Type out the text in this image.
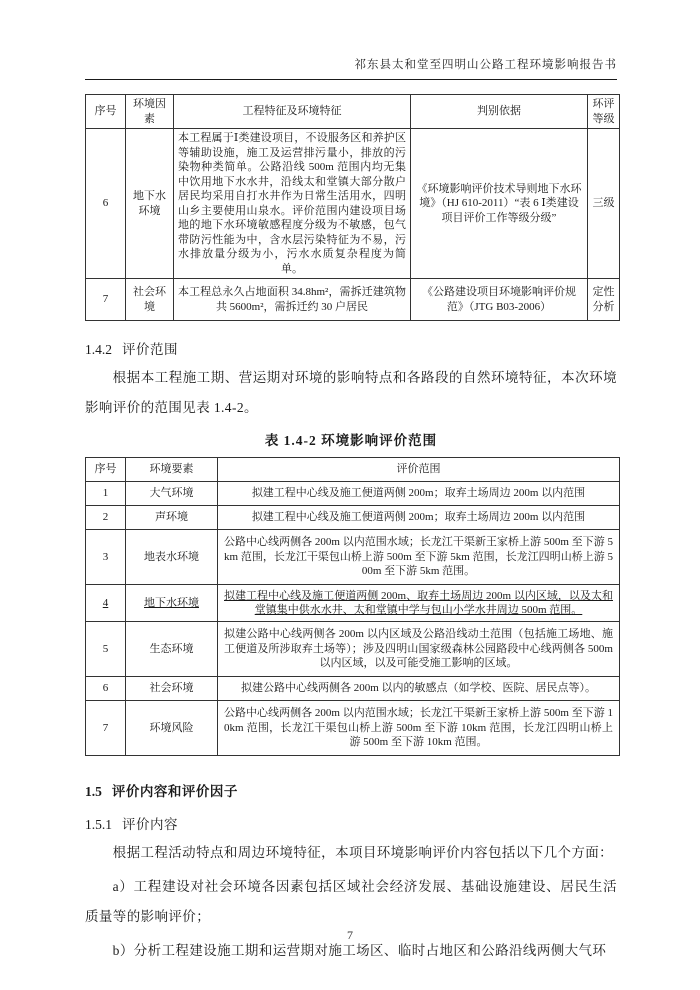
祁东县太和堂至四明山公路工程环境影响报告书
序号	环境因素	工程特征及环境特征	判别依据	环评等级
6	地下水环境	本工程属于Ⅰ类建设项目，不设服务区和养护区等辅助设施，施工及运营排污量小，排放的污染物种类简单。公路沿线 500m 范围内均无集中饮用地下水水井，沿线太和堂镇大部分散户居民均采用自打水井作为日常生活用水，四明山乡主要使用山泉水。评价范围内建设项目场地的地下水环境敏感程度分级为不敏感，包气带防污性能为中，含水层污染特征为不易，污水排放量分级为小，污水水质复杂程度为简单。	《环境影响评价技术导则地下水环境》（HJ 610-2011）“表 6 Ⅰ类建设项目评价工作等级分级”	三级
7	社会环境	本工程总永久占地面积 34.8hm²，需拆迁建筑物共 5600m²，需拆迁约 30 户居民	《公路建设项目环境影响评价规范》（JTG B03-2006）	定性分析
1.4.2 评价范围

根据本工程施工期、营运期对环境的影响特点和各路段的自然环境特征，本次环境影响评价的范围见表 1.4-2。

表 1.4-2 环境影响评价范围
序号	环境要素	评价范围
1	大气环境	拟建工程中心线及施工便道两侧 200m；取弃土场周边 200m 以内范围
2	声环境	拟建工程中心线及施工便道两侧 200m；取弃土场周边 200m 以内范围
3	地表水环境	公路中心线两侧各 200m 以内范围水域；长龙江干渠新王家桥上游 500m 至下游 5km 范围，长龙江干渠包山桥上游 500m 至下游 5km 范围，长龙江四明山桥上游 500m 至下游 5km 范围。
4	地下水环境	拟建工程中心线及施工便道两侧 200m、取弃土场周边 200m 以内区域，以及太和堂镇集中供水水井、太和堂镇中学与包山小学水井周边 500m 范围。
5	生态环境	拟建公路中心线两侧各 200m 以内区域及公路沿线动土范围（包括施工场地、施工便道及所涉取弃土场等）；涉及四明山国家级森林公园路段中心线两侧各 500m 以内区域，以及可能受施工影响的区域。
6	社会环境	拟建公路中心线两侧各 200m 以内的敏感点（如学校、医院、居民点等）。
7	环境风险	公路中心线两侧各 200m 以内范围水域；长龙江干渠新王家桥上游 500m 至下游 10km 范围，长龙江干渠包山桥上游 500m 至下游 10km 范围，长龙江四明山桥上游 500m 至下游 10km 范围。
1.5 评价内容和评价因子
1.5.1 评价内容

根据工程活动特点和周边环境特征，本项目环境影响评价内容包括以下几个方面：

a）工程建设对社会环境各因素包括区域社会经济发展、基础设施建设、居民生活质量等的影响评价；

b）分析工程建设施工期和运营期对施工场区、临时占地区和公路沿线两侧大气环

7
